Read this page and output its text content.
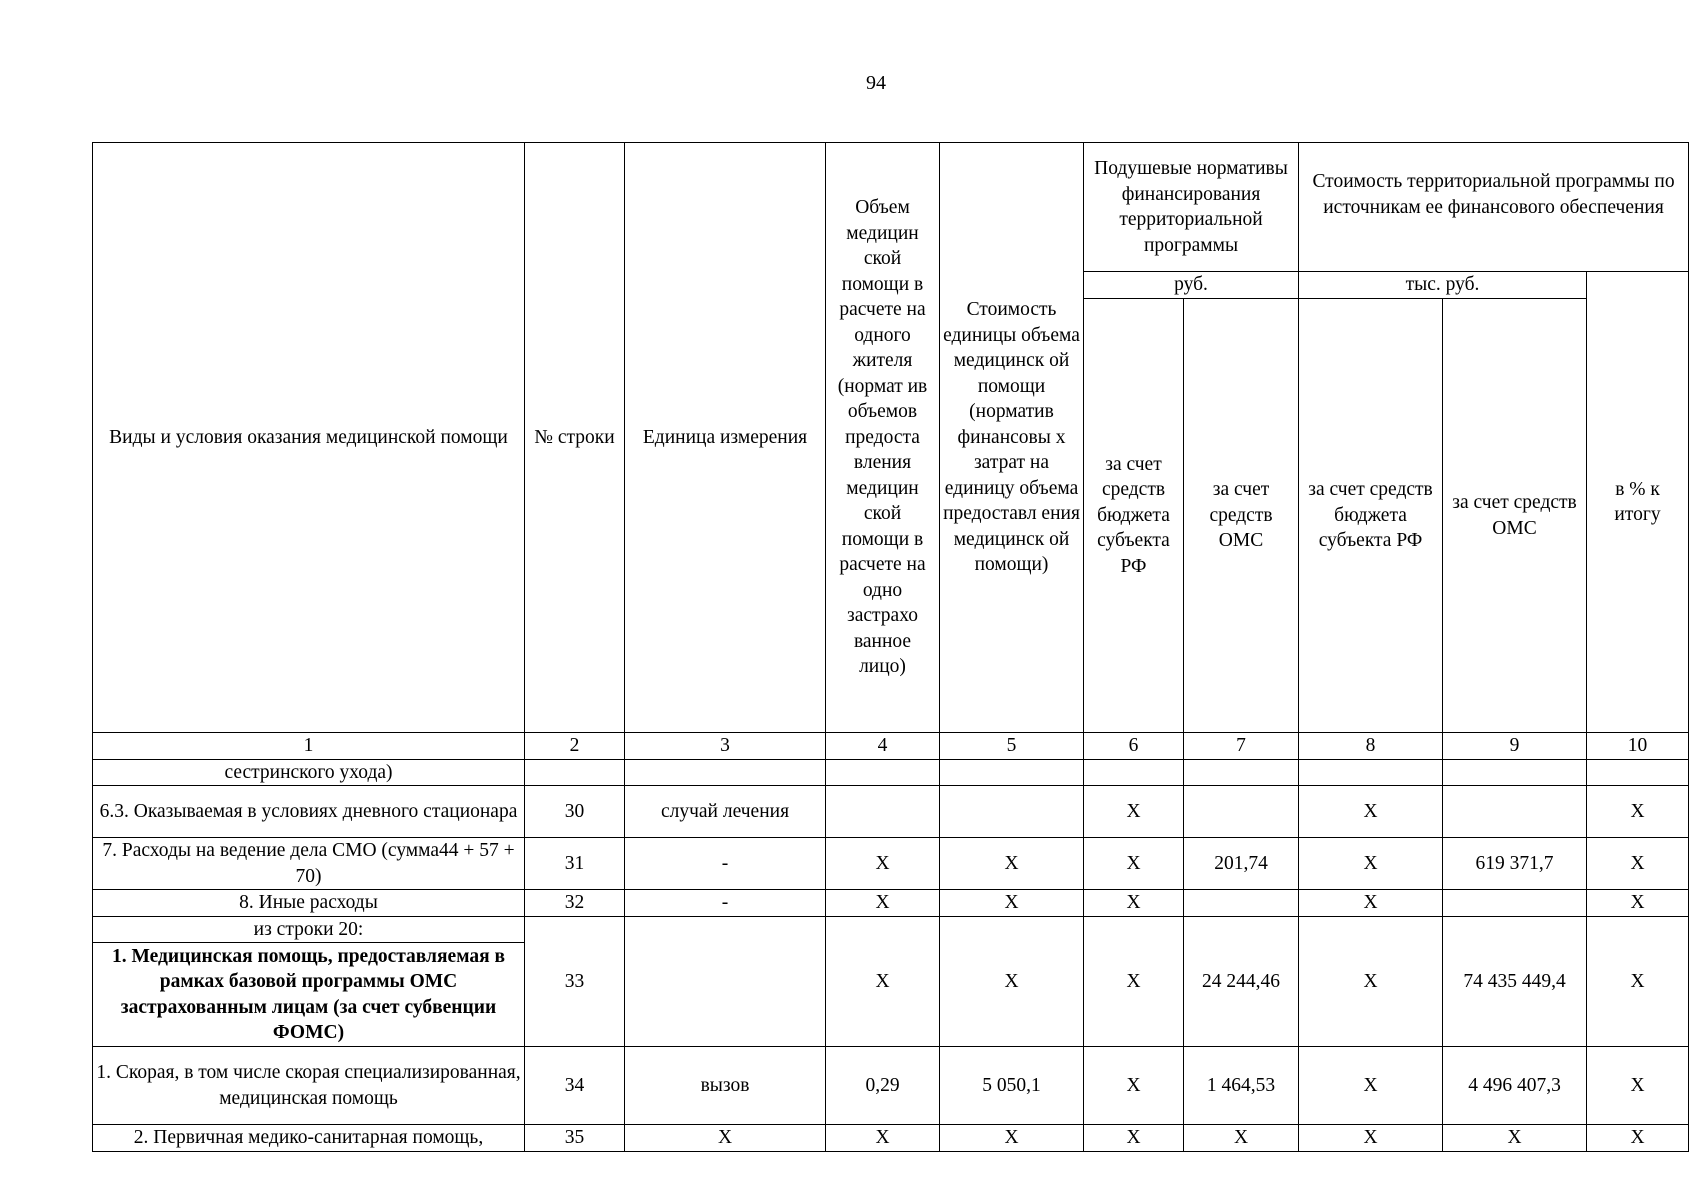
94
Виды и условия оказания медицинской помощи	№ строки	Единица измерения	Объем медицин ской помощи в расчете на одного жителя (нормат ив объемов предоста вления медицин ской помощи в расчете на одно застрахо ванное лицо)	Стоимость единицы объема медицинск ой помощи (норматив финансовы х затрат на единицу объема предоставл ения медицинск ой помощи)	Подушевые нормативы финансирования территориальной программы		Стоимость территориальной программы по источникам ее финансового обеспечения		
					руб.		тыс. руб.		в % к итогу
					за счет средств бюджета субъекта РФ	за счет средств ОМС	за счет средств бюджета субъекта РФ	за счет средств ОМС	
1	2	3	4	5	6	7	8	9	10
сестринского ухода)									
6.3. Оказываемая в условиях дневного стационара	30	случай лечения			Х		Х		Х
7. Расходы на ведение дела СМО (сумма44 + 57 + 70)	31	-	Х	Х	Х	201,74	Х	619 371,7	Х
8. Иные расходы	32	-	Х	Х	Х		Х		Х
из строки 20:	33		Х	Х	Х	24 244,46	Х	74 435 449,4	Х
1. Медицинская помощь, предоставляемая в рамках базовой программы ОМС застрахованным лицам (за счет субвенции ФОМС)									
1. Скорая, в том числе скорая специализированная, медицинская помощь	34	вызов	0,29	5 050,1	Х	1 464,53	Х	4 496 407,3	Х
2. Первичная медико-санитарная помощь,	35	Х	Х	Х	Х	Х	Х	Х	Х
